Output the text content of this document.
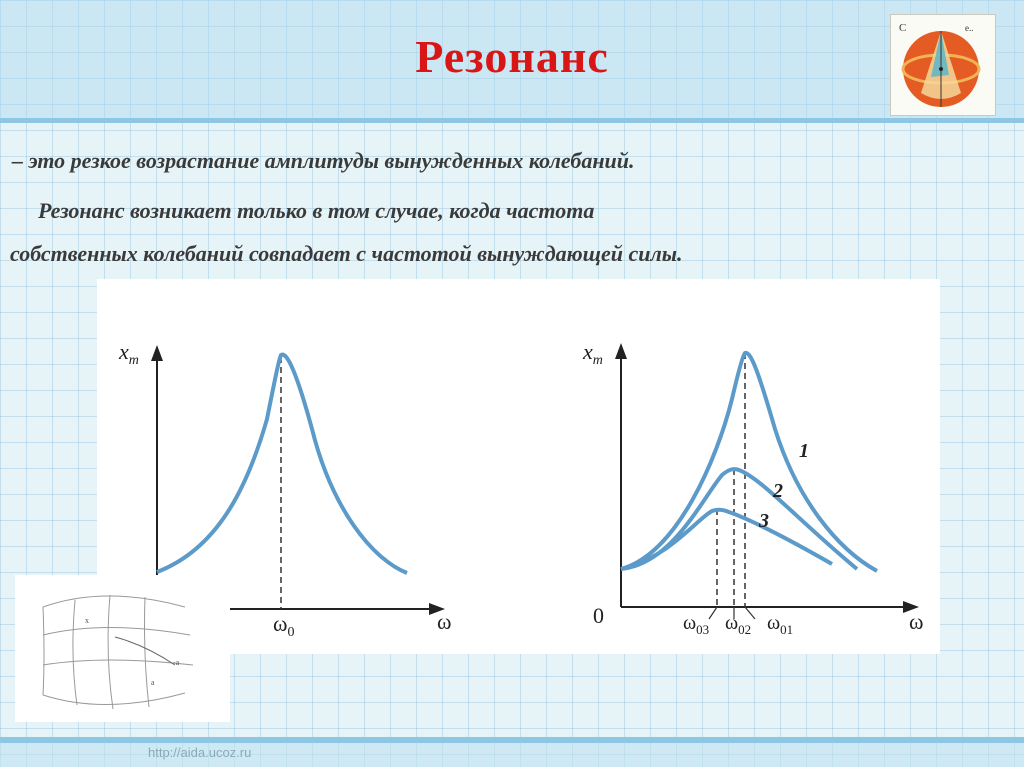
Резонанс
C	e..
– это резкое возрастание амплитуды вынужденных колебаний.
Резонанс возникает только в том случае, когда частота
собственных колебаний совпадает с частотой вынуждающей силы.
$x_m$
ω
$\omega_0$
1
2
3
$x_m$
0	ω
$\omega_{03}$ $\omega_{02}$ $\omega_{01}$
x
-a
a
http://aida.ucoz.ru
